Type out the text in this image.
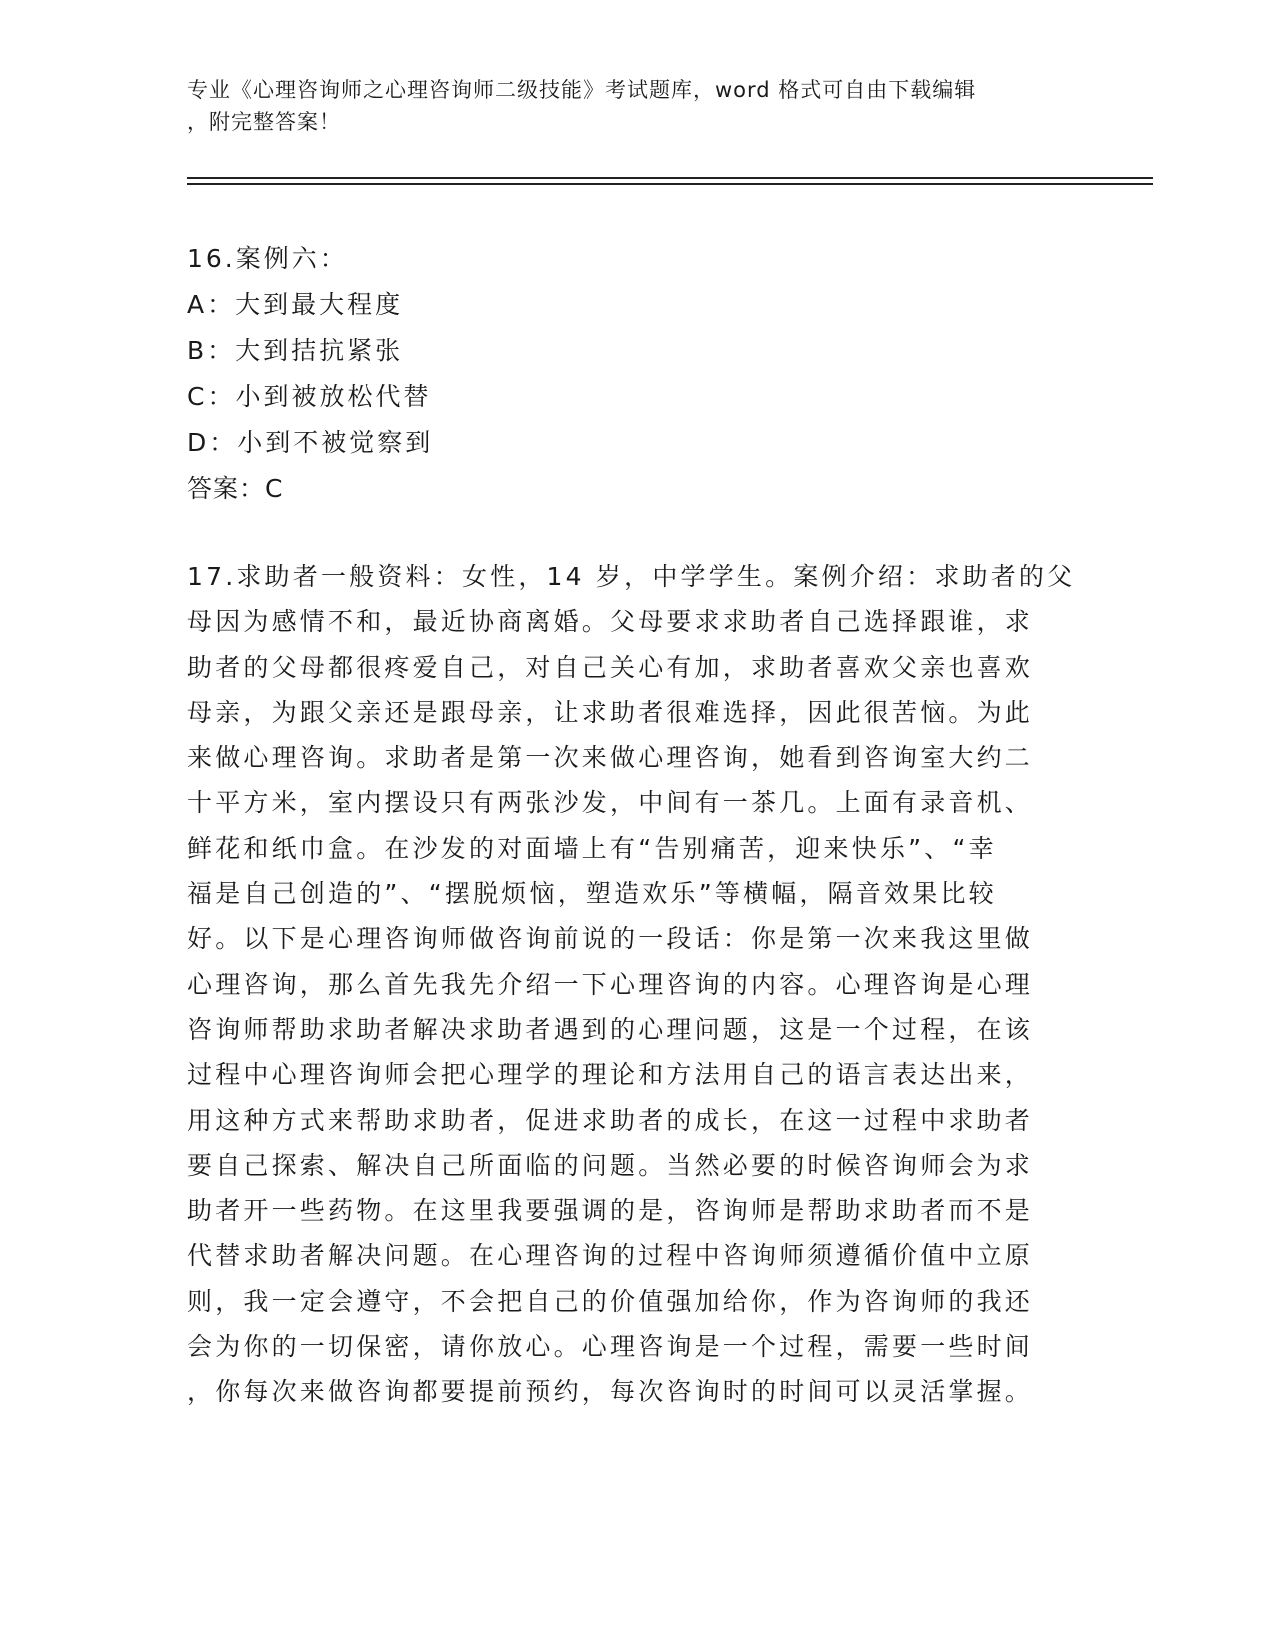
专业《心理咨询师之心理咨询师二级技能》考试题库，word 格式可自由下载编辑
，附完整答案！
16.案例六：
A：大到最大程度
B：大到拮抗紧张
C：小到被放松代替
D：小到不被觉察到
答案：C
17.求助者一般资料：女性，14 岁，中学学生。案例介绍：求助者的父
母因为感情不和，最近协商离婚。父母要求求助者自己选择跟谁，求
助者的父母都很疼爱自己，对自己关心有加，求助者喜欢父亲也喜欢
母亲，为跟父亲还是跟母亲，让求助者很难选择，因此很苦恼。为此
来做心理咨询。求助者是第一次来做心理咨询，她看到咨询室大约二
十平方米，室内摆设只有两张沙发，中间有一茶几。上面有录音机、
鲜花和纸巾盒。在沙发的对面墙上有“告别痛苦，迎来快乐”、“幸
福是自己创造的”、“摆脱烦恼，塑造欢乐”等横幅，隔音效果比较
好。以下是心理咨询师做咨询前说的一段话：你是第一次来我这里做
心理咨询，那么首先我先介绍一下心理咨询的内容。心理咨询是心理
咨询师帮助求助者解决求助者遇到的心理问题，这是一个过程，在该
过程中心理咨询师会把心理学的理论和方法用自己的语言表达出来，
用这种方式来帮助求助者，促进求助者的成长，在这一过程中求助者
要自己探索、解决自己所面临的问题。当然必要的时候咨询师会为求
助者开一些药物。在这里我要强调的是，咨询师是帮助求助者而不是
代替求助者解决问题。在心理咨询的过程中咨询师须遵循价值中立原
则，我一定会遵守，不会把自己的价值强加给你，作为咨询师的我还
会为你的一切保密，请你放心。心理咨询是一个过程，需要一些时间
，你每次来做咨询都要提前预约，每次咨询时的时间可以灵活掌握。
